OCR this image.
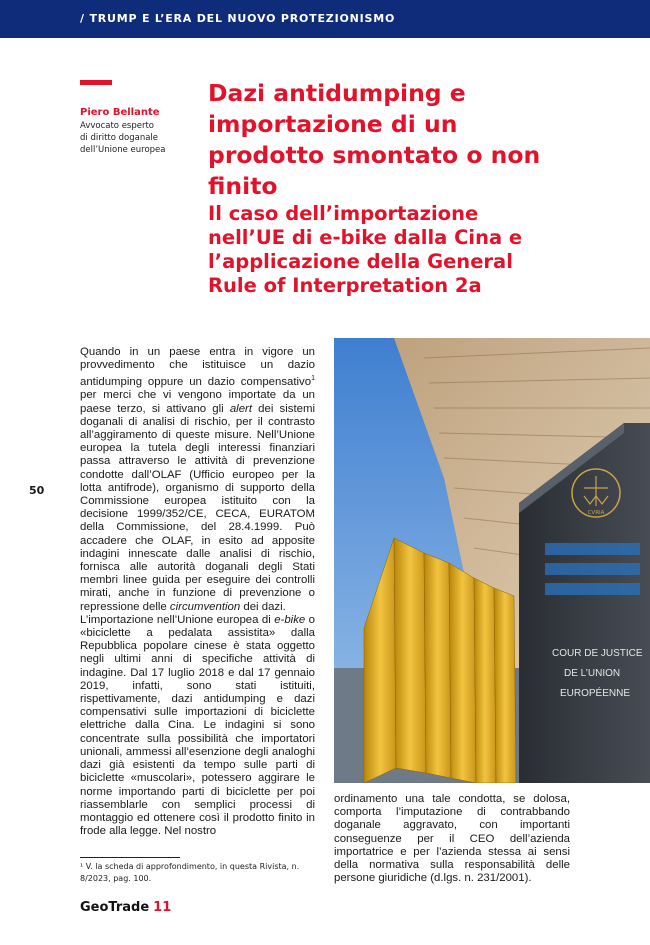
/ TRUMP E L’ERA DEL NUOVO PROTEZIONISMO
Piero Bellante
Avvocato esperto
di diritto doganale
dell’Unione europea
Dazi antidumping e
importazione di un
prodotto smontato o non
finito
Il caso dell’importazione
nell’UE di e-bike dalla Cina e
l’applicazione della General
Rule of Interpretation 2a

Quando in un paese entra in vigore un provvedimento che istituisce un dazio antidumping oppure un dazio compensativo$^1$ per merci che vi vengono importate da un paese terzo, si attivano gli alert dei sistemi doganali di analisi di rischio, per il contrasto all’aggiramento di queste misure. Nell’Unione europea la tutela degli interessi finanziari passa attraverso le attività di prevenzione condotte dall’OLAF (Ufficio europeo per la lotta antifrode), organismo di supporto della Commissione europea istituito con la decisione 1999/352/CE, CECA, EURATOM della Commissione, del 28.4.1999. Può accadere che OLAF, in esito ad apposite indagini innescate dalle analisi di rischio, fornisca alle autorità doganali degli Stati membri linee guida per eseguire dei controlli mirati, anche in funzione di prevenzione o repressione delle circumvention dei dazi.

L’importazione nell’Unione europea di e-bike o «biciclette a pedalata assistita» dalla Repubblica popolare cinese è stata oggetto negli ultimi anni di specifiche attività di indagine. Dal 17 luglio 2018 e dal 17 gennaio 2019, infatti, sono stati istituiti, rispettivamente, dazi antidumping e dazi compensativi sulle importazioni di biciclette elettriche dalla Cina. Le indagini si sono concentrate sulla possibilità che importatori unionali, ammessi all’esenzione degli analoghi dazi già esistenti da tempo sulle parti di biciclette «muscolari», potessero aggirare le norme importando parti di biciclette per poi riassemblarle con semplici processi di montaggio ed ottenere così il prodotto finito in frode alla legge. Nel nostro

50
CVRIA
COUR DE JUSTICE
DE L’UNION
EUROPÉENNE
ordinamento una tale condotta, se dolosa, comporta l’imputazione di contrabbando doganale aggravato, con importanti conseguenze per il CEO dell’azienda importatrice e per l’azienda stessa ai sensi della normativa sulla responsabilità delle persone giuridiche (d.lgs. n. 231/2001).
¹ V. la scheda di approfondimento, in questa Rivista, n. 8/2023, pag. 100.
GeoTrade 11
